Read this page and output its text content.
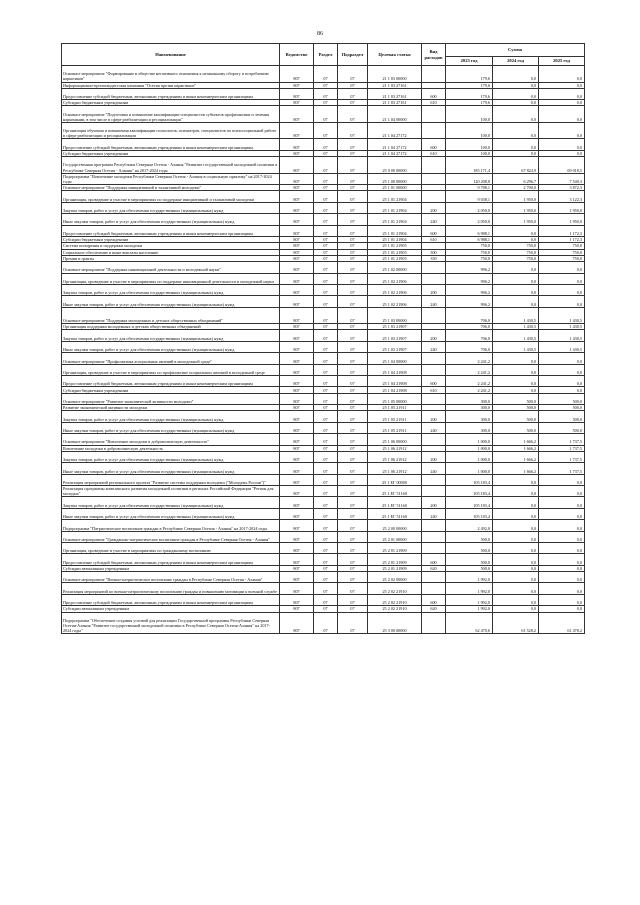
86
Наименование	Ведомство	Раздел	Подраздел	Целевая статья	Вид расходов	Сумма		
						2023 год	2024 год	2025 год
Основное мероприятие "Формирование в обществе негативного отношения к незаконному обороту и потреблению наркотиков"	807	07	07	21 1 03 00000		179,6	0,0	0,0
Информационно-пропагандистская кампания "Осетия против наркотиков"	807	07	07	21 1 03 27161		179,6	0,0	0,0
Предоставление субсидий бюджетным, автономным учреждениям и иным некоммерческим организациям	807	07	07	21 1 03 27161	600	179,6	0,0	0,0
Субсидии бюджетным учреждениям	807	07	07	21 1 03 27161	610	179,6	0,0	0,0
Основное мероприятие "Подготовка и повышение квалификации специалистов субъектов профилактики и лечения наркомании, в том числе в сфере реабилитации и ресоциализации"	807	07	07	21 1 04 00000		100,0	0,0	0,0
Организация обучения и повышения квалификации психологов, психиатров, специалистов по психосоциальной работе в сфере реабилитации и ресоциализации	807	07	07	21 1 04 27172		100,0	0,0	0,0
Предоставление субсидий бюджетным, автономным учреждениям и иным некоммерческим организациям	807	07	07	21 1 04 27172	600	100,0	0,0	0,0
Субсидии бюджетным учреждениям	807	07	07	21 1 04 27172	610	100,0	0,0	0,0
Государственная программа Республики Северная Осетия - Алания "Развитие государственной молодежной политики в Республике Северная Осетия - Алания" на 2017-2024 годы	807	07	07	25 0 00 00000		185 171,4	67 824,9	69 018,5
Подпрограмма "Вовлечение молодежи Республики Северная Осетия - Алания в социальную практику" на 2017-2024 годы	807	07	07	25 1 00 00000		120 208,8	6 296,7	7 540,3
Основное мероприятие "Поддержка инициативной и талантливой молодежи"	807	07	07	25 1 01 00000		9 788,1	2 700,0	3 872,3
Организация, проведение и участие в мероприятиях по поддержке инициативной и талантливой молодежи	807	07	07	25 1 01 21904		9 038,1	1 950,0	3 122,3
Закупка товаров, работ и услуг для обеспечения государственных (муниципальных) нужд	807	07	07	25 1 01 21904	200	2 050,0	1 950,0	1 950,0
Иные закупки товаров, работ и услуг для обеспечения государственных (муниципальных) нужд	807	07	07	25 1 01 21904	240	2 050,0	1 950,0	1 950,0
Предоставление субсидий бюджетным, автономным учреждениям и иным некоммерческим организациям	807	07	07	25 1 01 21904	600	6 988,1	0,0	1 172,3
Субсидии бюджетным учреждениям	807	07	07	25 1 01 21904	610	6 988,1	0,0	1 172,3
Система поощрения и поддержки молодежи	807	07	07	25 1 01 21905		750,0	750,0	750,0
Социальное обеспечение и иные выплаты населению	807	07	07	25 1 01 21905	300	750,0	750,0	750,0
Премии и гранты	807	07	07	25 1 01 21905	350	750,0	750,0	750,0
Основное мероприятие "Поддержка инновационной деятельности и молодежной науки"	807	07	07	25 1 02 00000		996,2	0,0	0,0
Организация, проведение и участие в мероприятиях по поддержке инновационной деятельности и молодежной науки	807	07	07	25 1 02 21906		996,2	0,0	0,0
Закупка товаров, работ и услуг для обеспечения государственных (муниципальных) нужд	807	07	07	25 1 02 21906	200	996,2	0,0	0,0
Иные закупки товаров, работ и услуг для обеспечения государственных (муниципальных) нужд	807	07	07	25 1 02 21906	240	996,2	0,0	0,0
Основное мероприятие "Поддержка молодежных и детских общественных объединений"	807	07	07	25 1 03 00000		706,0	1 430,5	1 430,5
Организация поддержки молодежных и детских общественных объединений	807	07	07	25 1 03 21907		706,0	1 430,5	1 430,5
Закупка товаров, работ и услуг для обеспечения государственных (муниципальных) нужд	807	07	07	25 1 03 21907	200	706,0	1 430,5	1 430,5
Иные закупки товаров, работ и услуг для обеспечения государственных (муниципальных) нужд	807	07	07	25 1 03 21907	240	706,0	1 430,5	1 430,5
Основное мероприятие "Профилактика асоциальных явлений в молодежной среде"	807	07	07	25 1 04 00000		2 241,2	0,0	0,0
Организация, проведение и участие в мероприятиях по профилактике асоциальных явлений в молодежной среде	807	07	07	25 1 04 21908		2 241,2	0,0	0,0
Предоставление субсидий бюджетным, автономным учреждениям и иным некоммерческим организациям	807	07	07	25 1 04 21908	600	2 241,2	0,0	0,0
Субсидии бюджетным учреждениям	807	07	07	25 1 04 21908	610	2 241,2	0,0	0,0
Основное мероприятие "Развитие экономической активности молодежи"	807	07	07	25 1 05 00000		300,0	500,0	500,0
Развитие экономической активности молодежи	807	07	07	25 1 05 21911		300,0	500,0	500,0
Закупка товаров, работ и услуг для обеспечения государственных (муниципальных) нужд	807	07	07	25 1 05 21911	200	300,0	500,0	500,0
Иные закупки товаров, работ и услуг для обеспечения государственных (муниципальных) нужд	807	07	07	25 1 05 21911	240	300,0	500,0	500,0
Основное мероприятие "Вовлечение молодежи в добровольческую деятельность"	807	07	07	25 1 06 00000		1 000,0	1 666,2	1 737,5
Вовлечение молодежи в добровольческую деятельность	807	07	07	25 1 06 21912		1 000,0	1 666,2	1 737,5
Закупка товаров, работ и услуг для обеспечения государственных (муниципальных) нужд	807	07	07	25 1 06 21912	200	1 000,0	1 666,2	1 737,5
Иные закупки товаров, работ и услуг для обеспечения государственных (муниципальных) нужд	807	07	07	25 1 06 21912	240	1 000,0	1 666,2	1 737,5
Реализация мероприятий регионального проекта "Развитие системы поддержки молодежи ("Молодежь России")"	807	07	07	25 1 EГ 00000		105 183,4	0,0	0,0
Реализация программы комплексного развития молодежной политики в регионах Российской Федерации "Регион для молодых"	807	07	07	25 1 EГ 51160		105 183,4	0,0	0,0
Закупка товаров, работ и услуг для обеспечения государственных (муниципальных) нужд	807	07	07	25 1 EГ 51160	200	105 183,4	0,0	0,0
Иные закупки товаров, работ и услуг для обеспечения государственных (муниципальных) нужд	807	07	07	25 1 EГ 51160	240	105 183,4	0,0	0,0
Подпрограмма "Патриотическое воспитание граждан в Республике Северная Осетия - Алания" на 2017-2024 годы	807	07	07	25 2 00 00000		2 492,0	0,0	0,0
Основное мероприятие "Гражданско-патриотическое воспитание граждан в Республике Северная Осетия - Алания"	807	07	07	25 2 01 00000		500,0	0,0	0,0
Организация, проведение и участие в мероприятиях по гражданскому воспитанию	807	07	07	25 2 01 21909		500,0	0,0	0,0
Предоставление субсидий бюджетным, автономным учреждениям и иным некоммерческим организациям	807	07	07	25 2 01 21909	600	500,0	0,0	0,0
Субсидии автономным учреждениям	807	07	07	25 2 01 21909	620	500,0	0,0	0,0
Основное мероприятие "Военно-патриотическое воспитание граждан в Республике Северная Осетия - Алания"	807	07	07	25 2 02 00000		1 992,0	0,0	0,0
Реализация мероприятий по военно-патриотическому воспитанию граждан и повышению мотивации к военной службе	807	07	07	25 2 02 21910		1 992,0	0,0	0,0
Предоставление субсидий бюджетным, автономным учреждениям и иным некоммерческим организациям	807	07	07	25 2 02 21910	600	1 992,0	0,0	0,0
Субсидии автономным учреждениям	807	07	07	25 2 02 21910	620	1 992,0	0,0	0,0
Подпрограмма "Обеспечение создания условий для реализации Государственной программы Республики Северная Осетия-Алания "Развитие государственной молодежной политики в Республике Северная Осетия-Алания" на 2017-2024 годы"	807	07	07	25 3 00 00000		62 470,6	61 528,2	61 478,2
